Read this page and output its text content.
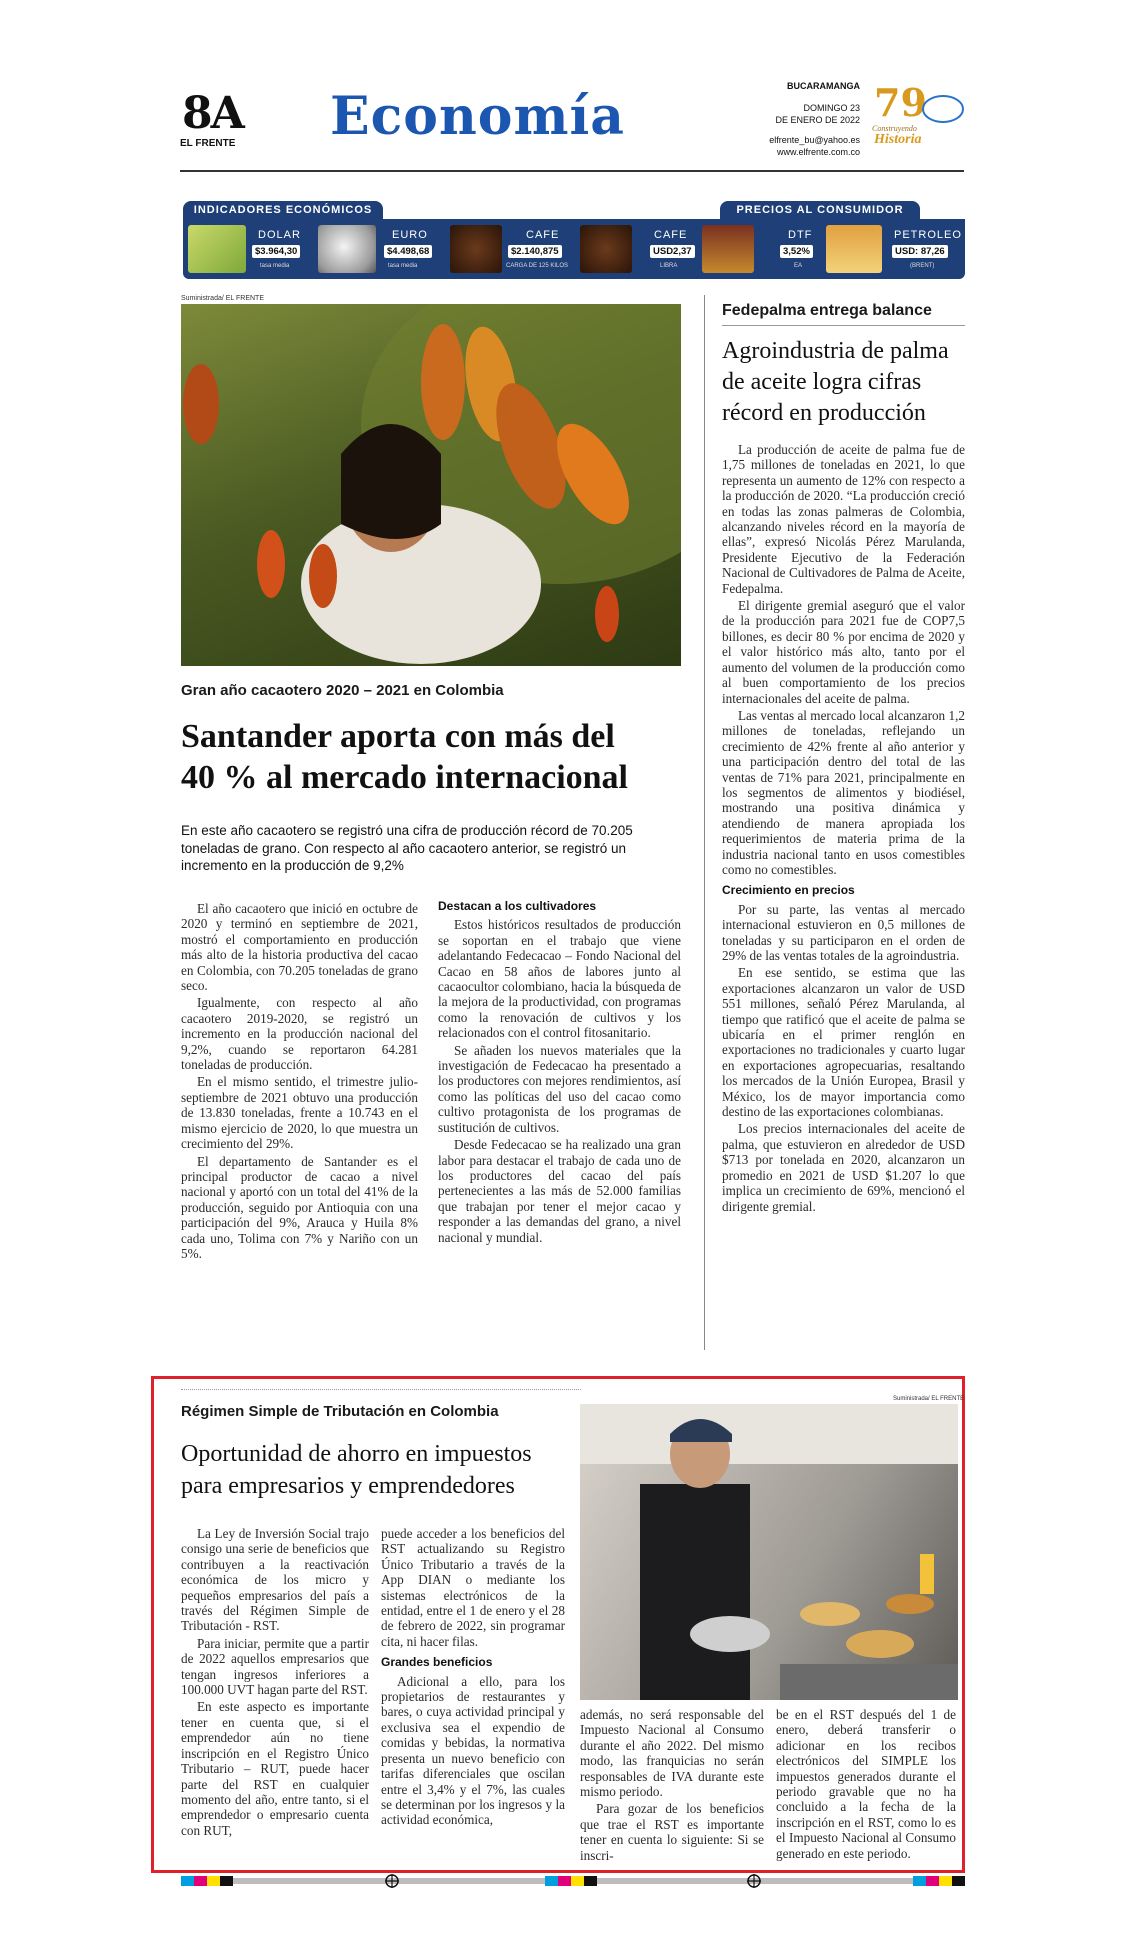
8A
EL FRENTE Economía	BUCARAMANGA
DOMINGO 23
DE ENERO DE 2022
elfrente_bu@yahoo.es
www.elfrente.com.co
79
Construyendo
Historia
INDICADORES ECONÓMICOS	PRECIOS AL CONSUMIDOR
DOLAR
$3.964,30
tasa media
EURO
$4.498,68
tasa media
CAFE
$2.140,875
CARGA DE 125 KILOS
CAFE
USD2,37
LIBRA
DTF
3,52%
EA
PETROLEO
USD: 87,26
(BRENT)
Suministrada/ EL FRENTE
Gran año cacaotero 2020 – 2021 en Colombia
Santander aporta con más del
40 % al mercado internacional
En este año cacaotero se registró una cifra de producción récord de 70.205 toneladas de grano. Con respecto al año cacaotero anterior, se registró un incremento en la producción de 9,2%

El año cacaotero que inició en octubre de 2020 y terminó en septiembre de 2021, mostró el comportamiento en producción más alto de la historia productiva del cacao en Colombia, con 70.205 toneladas de grano seco.

Igualmente, con respecto al año cacaotero 2019-2020, se registró un incremento en la producción nacional del 9,2%, cuando se reportaron 64.281 toneladas de producción.

En el mismo sentido, el trimestre julio-septiembre de 2021 obtuvo una producción de 13.830 toneladas, frente a 10.743 en el mismo ejercicio de 2020, lo que muestra un crecimiento del 29%.

El departamento de Santander es el principal productor de cacao a nivel nacional y aportó con un total del 41% de la producción, seguido por Antioquia con una participación del 9%, Arauca y Huila 8% cada uno, Tolima con 7% y Nariño con un 5%.

Destacan a los cultivadores

Estos históricos resultados de producción se soportan en el trabajo que viene adelantando Fedecacao – Fondo Nacional del Cacao en 58 años de labores junto al cacaocultor colombiano, hacia la búsqueda de la mejora de la productividad, con programas como la renovación de cultivos y los relacionados con el control fitosanitario.

Se añaden los nuevos materiales que la investigación de Fedecacao ha presentado a los productores con mejores rendimientos, así como las políticas del uso del cacao como cultivo protagonista de los programas de sustitución de cultivos.

Desde Fedecacao se ha realizado una gran labor para destacar el trabajo de cada uno de los productores del cacao del país pertenecientes a las más de 52.000 familias que trabajan por tener el mejor cacao y responder a las demandas del grano, a nivel nacional y mundial.

Fedepalma entrega balance
Agroindustria de palma
de aceite logra cifras
récord en producción

La producción de aceite de palma fue de 1,75 millones de toneladas en 2021, lo que representa un aumento de 12% con respecto a la producción de 2020. “La producción creció en todas las zonas palmeras de Colombia, alcanzando niveles récord en la mayoría de ellas”, expresó Nicolás Pérez Marulanda, Presidente Ejecutivo de la Federación Nacional de Cultivadores de Palma de Aceite, Fedepalma.

El dirigente gremial aseguró que el valor de la producción para 2021 fue de COP7,5 billones, es decir 80 % por encima de 2020 y el valor histórico más alto, tanto por el aumento del volumen de la producción como al buen comportamiento de los precios internacionales del aceite de palma.

Las ventas al mercado local alcanzaron 1,2 millones de toneladas, reflejando un crecimiento de 42% frente al año anterior y una participación dentro del total de las ventas de 71% para 2021, principalmente en los segmentos de alimentos y biodiésel, mostrando una positiva dinámica y atendiendo de manera apropiada los requerimientos de materia prima de la industria nacional tanto en usos comestibles como no comestibles.

Crecimiento en precios

Por su parte, las ventas al mercado internacional estuvieron en 0,5 millones de toneladas y su participaron en el orden de 29% de las ventas totales de la agroindustria.

En ese sentido, se estima que las exportaciones alcanzaron un valor de USD 551 millones, señaló Pérez Marulanda, al tiempo que ratificó que el aceite de palma se ubicaría en el primer renglón en exportaciones no tradicionales y cuarto lugar en exportaciones agropecuarias, resaltando los mercados de la Unión Europea, Brasil y México, los de mayor importancia como destino de las exportaciones colombianas.

Los precios internacionales del aceite de palma, que estuvieron en alrededor de USD $713 por tonelada en 2020, alcanzaron un promedio en 2021 de USD $1.207 lo que implica un crecimiento de 69%, mencionó el dirigente gremial.

Régimen Simple de Tributación en Colombia
Oportunidad de ahorro en impuestos
para empresarios y emprendedores
Suministrada/ EL FRENTE

La Ley de Inversión Social trajo consigo una serie de beneficios que contribuyen a la reactivación económica de los micro y pequeños empresarios del país a través del Régimen Simple de Tributación - RST.

Para iniciar, permite que a partir de 2022 aquellos empresarios que tengan ingresos inferiores a 100.000 UVT hagan parte del RST.

En este aspecto es importante tener en cuenta que, si el emprendedor aún no tiene inscripción en el Registro Único Tributario – RUT, puede hacer parte del RST en cualquier momento del año, entre tanto, si el emprendedor o empresario cuenta con RUT,

puede acceder a los beneficios del RST actualizando su Registro Único Tributario a través de la App DIAN o mediante los sistemas electrónicos de la entidad, entre el 1 de enero y el 28 de febrero de 2022, sin programar cita, ni hacer filas.

Grandes beneficios

Adicional a ello, para los propietarios de restaurantes y bares, o cuya actividad principal y exclusiva sea el expendio de comidas y bebidas, la normativa presenta un nuevo beneficio con tarifas diferenciales que oscilan entre el 3,4% y el 7%, las cuales se determinan por los ingresos y la actividad económica,

además, no será responsable del Impuesto Nacional al Consumo durante el año 2022. Del mismo modo, las franquicias no serán responsables de IVA durante este mismo periodo.

Para gozar de los beneficios que trae el RST es importante tener en cuenta lo siguiente: Si se inscri-

be en el RST después del 1 de enero, deberá transferir o adicionar en los recibos electrónicos del SIMPLE los impuestos generados durante el periodo gravable que no ha concluido a la fecha de la inscripción en el RST, como lo es el Impuesto Nacional al Consumo generado en este periodo.
